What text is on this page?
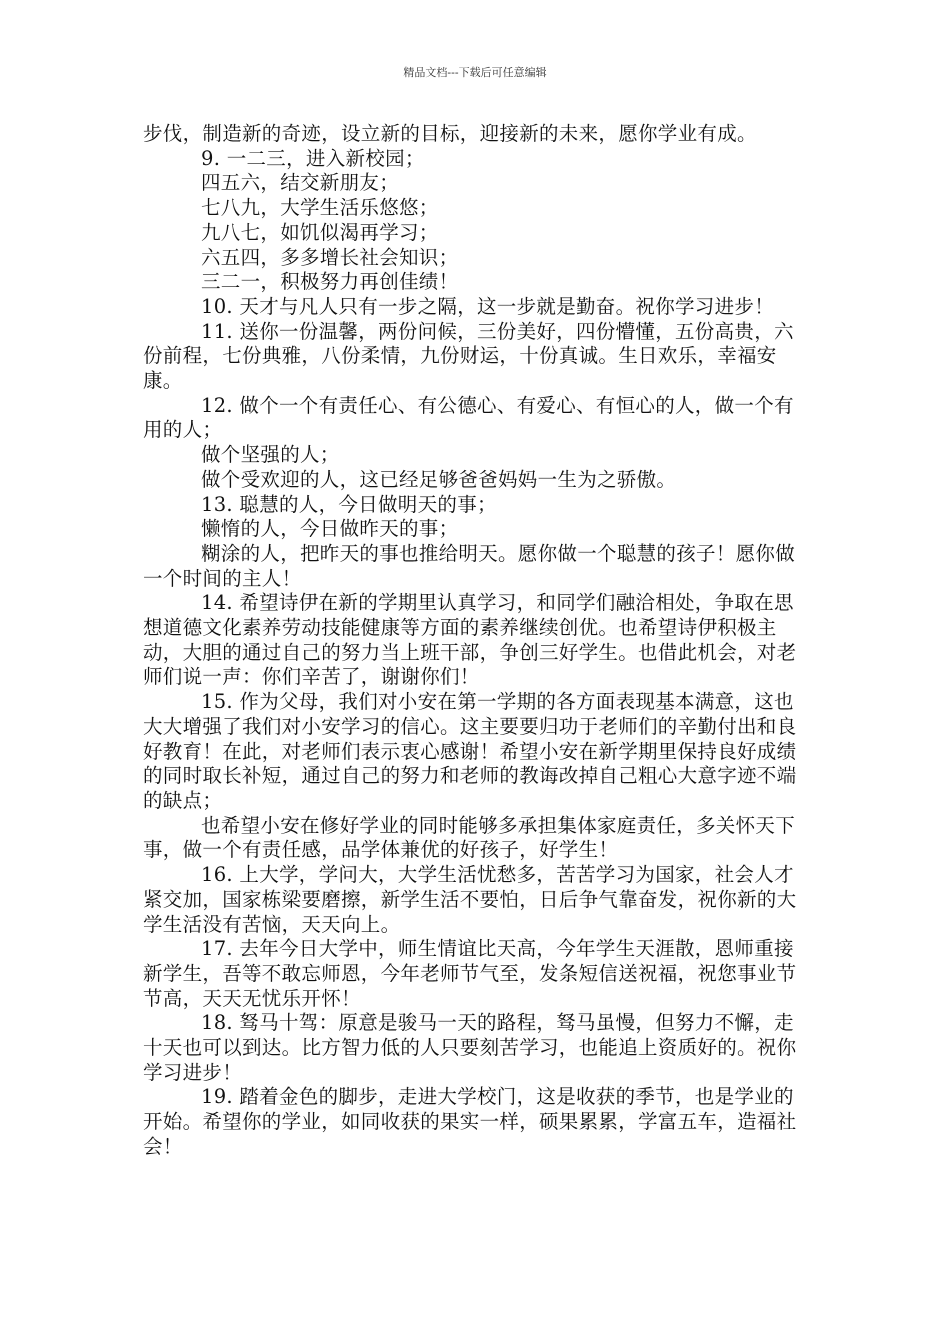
精品文档---下载后可任意编辑

步伐，制造新的奇迹，设立新的目标，迎接新的未来，愿你学业有成。

9. 一二三，进入新校园；

四五六，结交新朋友；

七八九，大学生活乐悠悠；

九八七，如饥似渴再学习；

六五四，多多增长社会知识；

三二一，积极努力再创佳绩！

10. 天才与凡人只有一步之隔，这一步就是勤奋。祝你学习进步！

11. 送你一份温馨，两份问候，三份美好，四份懵懂，五份高贵，六份前程，七份典雅，八份柔情，九份财运，十份真诚。生日欢乐，幸福安康。

12. 做个一个有责任心、有公德心、有爱心、有恒心的人，做一个有用的人；

做个坚强的人；

做个受欢迎的人，这已经足够爸爸妈妈一生为之骄傲。

13. 聪慧的人，今日做明天的事；

懒惰的人，今日做昨天的事；

糊涂的人，把昨天的事也推给明天。愿你做一个聪慧的孩子！愿你做一个时间的主人！

14. 希望诗伊在新的学期里认真学习，和同学们融洽相处，争取在思想道德文化素养劳动技能健康等方面的素养继续创优。也希望诗伊积极主动，大胆的通过自己的努力当上班干部，争创三好学生。也借此机会，对老师们说一声：你们辛苦了，谢谢你们！

15. 作为父母，我们对小安在第一学期的各方面表现基本满意，这也大大增强了我们对小安学习的信心。这主要要归功于老师们的辛勤付出和良好教育！在此，对老师们表示衷心感谢！希望小安在新学期里保持良好成绩的同时取长补短，通过自己的努力和老师的教诲改掉自己粗心大意字迹不端的缺点；

也希望小安在修好学业的同时能够多承担集体家庭责任，多关怀天下事，做一个有责任感，品学体兼优的好孩子，好学生！

16. 上大学，学问大，大学生活忧愁多，苦苦学习为国家，社会人才紧交加，国家栋梁要磨擦，新学生活不要怕，日后争气靠奋发，祝你新的大学生活没有苦恼，天天向上。

17. 去年今日大学中，师生情谊比天高，今年学生天涯散，恩师重接新学生，吾等不敢忘师恩，今年老师节气至，发条短信送祝福，祝您事业节节高，天天无忧乐开怀！

18. 驽马十驾：原意是骏马一天的路程，驽马虽慢，但努力不懈，走十天也可以到达。比方智力低的人只要刻苦学习，也能追上资质好的。祝你学习进步！

19. 踏着金色的脚步，走进大学校门，这是收获的季节，也是学业的开始。希望你的学业，如同收获的果实一样，硕果累累，学富五车，造福社会！
